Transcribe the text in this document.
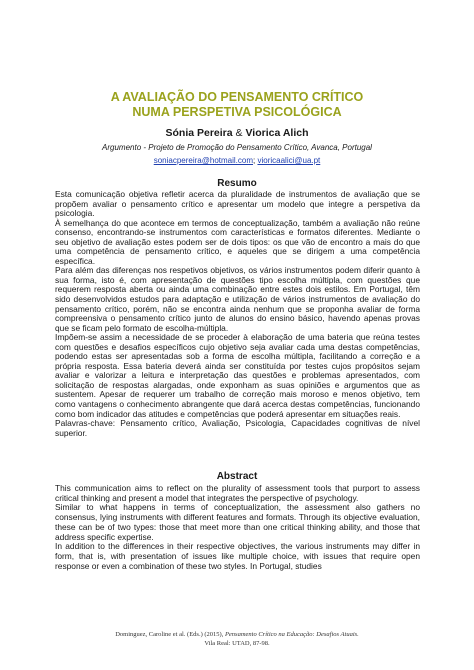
A AVALIAÇÃO DO PENSAMENTO CRÍTICO
NUMA PERSPETIVA PSICOLÓGICA
Sónia Pereira & Viorica Alich
Argumento - Projeto de Promoção do Pensamento Crítico, Avanca, Portugal
soniacpereira@hotmail.com; vioricaalici@ua.pt
Resumo

Esta comunicação objetiva refletir acerca da pluralidade de instrumentos de avaliação que se propõem avaliar o pensamento crítico e apresentar um modelo que integre a perspetiva da psicologia.

À semelhança do que acontece em termos de conceptualização, também a avaliação não reúne consenso, encontrando-se instrumentos com características e formatos diferentes. Mediante o seu objetivo de avaliação estes podem ser de dois tipos: os que vão de encontro a mais do que uma competência de pensamento crítico, e aqueles que se dirigem a uma competência específica.

Para além das diferenças nos respetivos objetivos, os vários instrumentos podem diferir quanto à sua forma, isto é, com apresentação de questões tipo escolha múltipla, com questões que requerem resposta aberta ou ainda uma combinação entre estes dois estilos. Em Portugal, têm sido desenvolvidos estudos para adaptação e utilização de vários instrumentos de avaliação do pensamento crítico, porém, não se encontra ainda nenhum que se proponha avaliar de forma compreensiva o pensamento crítico junto de alunos do ensino básico, havendo apenas provas que se ficam pelo formato de escolha-múltipla.

Impõem-se assim a necessidade de se proceder à elaboração de uma bateria que reúna testes com questões e desafios específicos cujo objetivo seja avaliar cada uma destas competências, podendo estas ser apresentadas sob a forma de escolha múltipla, facilitando a correção e a própria resposta. Essa bateria deverá ainda ser constituída por testes cujos propósitos sejam avaliar e valorizar a leitura e interpretação das questões e problemas apresentados, com solicitação de respostas alargadas, onde exponham as suas opiniões e argumentos que as sustentem. Apesar de requerer um trabalho de correção mais moroso e menos objetivo, tem como vantagens o conhecimento abrangente que dará acerca destas competências, funcionando como bom indicador das atitudes e competências que poderá apresentar em situações reais.

Palavras-chave: Pensamento crítico, Avaliação, Psicologia, Capacidades cognitivas de nível superior.

Abstract

This communication aims to reflect on the plurality of assessment tools that purport to assess critical thinking and present a model that integrates the perspective of psychology.

Similar to what happens in terms of conceptualization, the assessment also gathers no consensus, lying instruments with different features and formats. Through its objective evaluation, these can be of two types: those that meet more than one critical thinking ability, and those that address specific expertise.

In addition to the differences in their respective objectives, the various instruments may differ in form, that is, with presentation of issues like multiple choice, with issues that require open response or even a combination of these two styles. In Portugal, studies

Dominguez, Caroline et al. (Eds.) (2015), Pensamento Crítico na Educação: Desafios Atuais.
Vila Real: UTAD, 87-98.
